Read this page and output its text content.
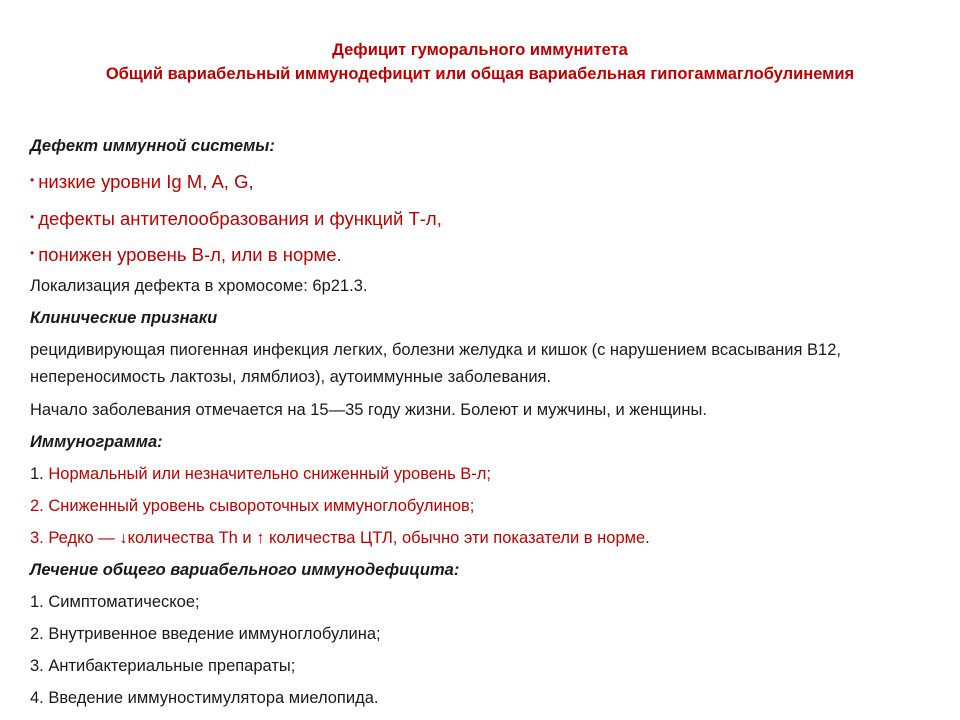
Дефицит гуморального иммунитета
Общий вариабельный иммунодефицит или общая вариабельная гипогаммаглобулинемия
Дефект иммунной системы:
• низкие уровни Ig M, A, G,
• дефекты антителообразования и функций Т-л,
• понижен уровень В-л, или в норме.
Локализация дефекта в хромосоме: 6р21.3.
Клинические признаки
рецидивирующая пиогенная инфекция легких, болезни желудка и кишок (с нарушением всасывания В12, непереносимость лактозы, лямблиоз), аутоиммунные заболевания.
Начало заболевания отмечается на 15—35 году жизни. Болеют и мужчины, и женщины.
Иммунограмма:
1. Нормальный или незначительно сниженный уровень В-л;
2. Сниженный уровень сывороточных иммуноглобулинов;
3. Редко — ↓количества Th и ↑ количества ЦТЛ, обычно эти показатели в норме.
Лечение общего вариабельного иммунодефицита:
1. Симптоматическое;
2. Внутривенное введение иммуноглобулина;
3. Антибактериальные препараты;
4. Введение иммуностимулятора миелопида.
